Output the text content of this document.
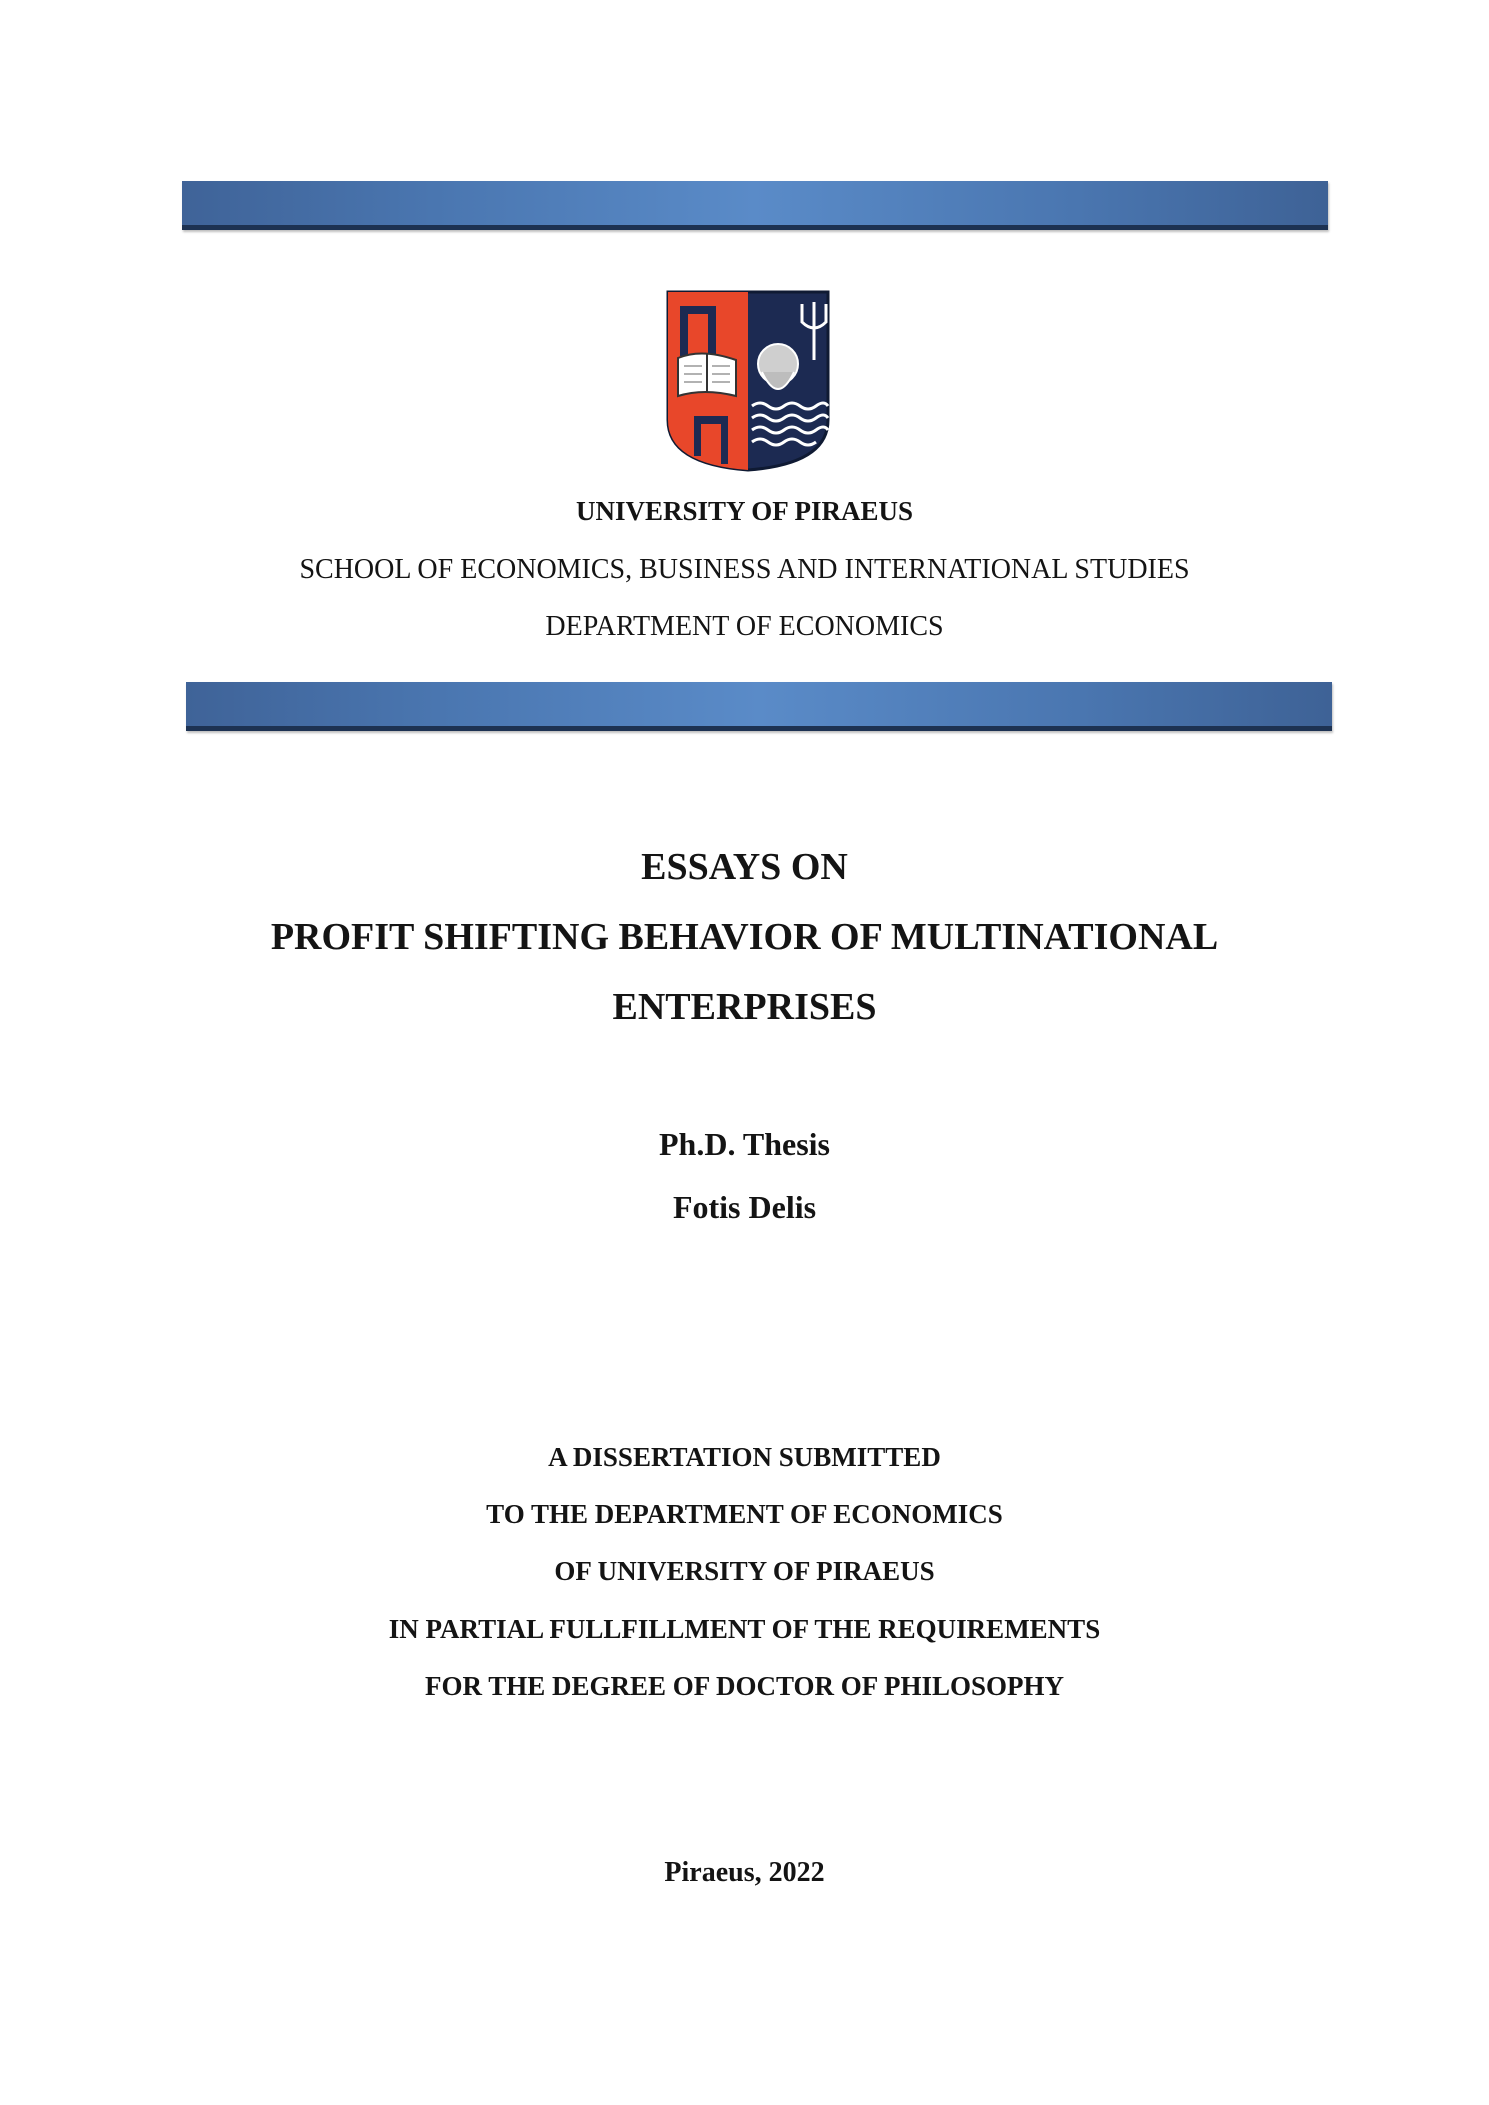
UNIVERSITY OF PIRAEUS
SCHOOL OF ECONOMICS, BUSINESS AND INTERNATIONAL STUDIES
DEPARTMENT OF ECONOMICS
ESSAYS ON
PROFIT SHIFTING BEHAVIOR OF MULTINATIONAL
ENTERPRISES
Ph.D. Thesis
Fotis Delis
A DISSERTATION SUBMITTED
TO THE DEPARTMENT OF ECONOMICS
OF UNIVERSITY OF PIRAEUS
IN PARTIAL FULLFILLMENT OF THE REQUIREMENTS
FOR THE DEGREE OF DOCTOR OF PHILOSOPHY
Piraeus, 2022
